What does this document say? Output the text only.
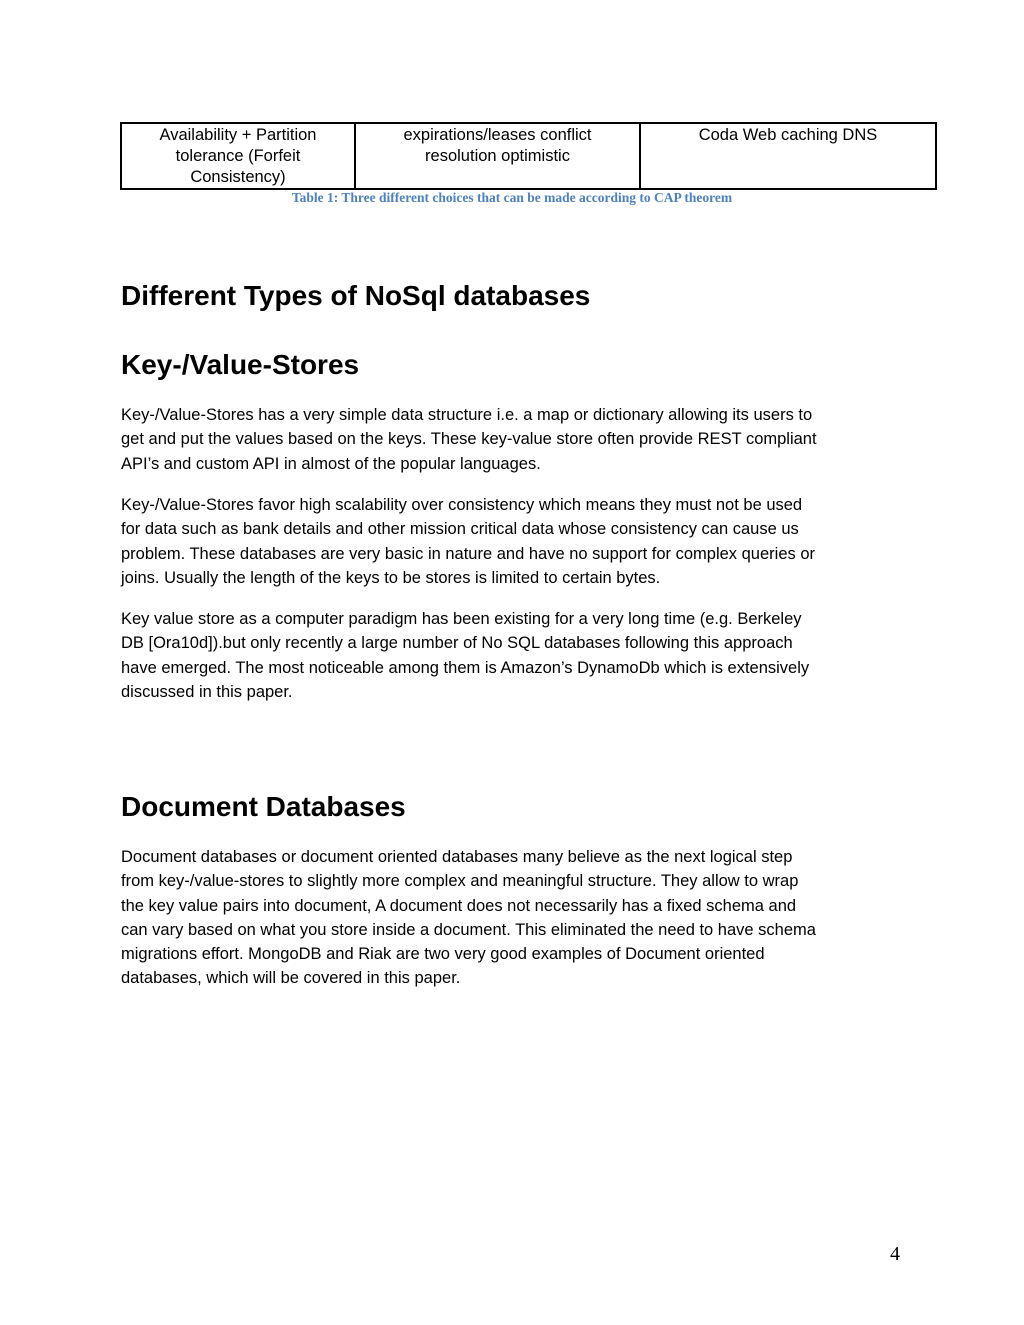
Availability + Partition
tolerance (Forfeit
Consistency)

expirations/leases conflict
resolution optimistic

Coda Web caching DNS
Table 1: Three different choices that can be made according to CAP theorem
Different Types of NoSql databases
Key-/Value-Stores

Key-/Value-Stores has a very simple data structure i.e. a map or dictionary allowing its users to
get and put the values based on the keys. These key-value store often provide REST compliant
API’s and custom API in almost of the popular languages.

Key-/Value-Stores favor high scalability over consistency which means they must not be used
for data such as bank details and other mission critical data whose consistency can cause us
problem. These databases are very basic in nature and have no support for complex queries or
joins. Usually the length of the keys to be stores is limited to certain bytes.

Key value store as a computer paradigm has been existing for a very long time (e.g. Berkeley
DB [Ora10d]).but only recently a large number of No SQL databases following this approach
have emerged. The most noticeable among them is Amazon’s DynamoDb which is extensively
discussed in this paper.

Document Databases

Document databases or document oriented databases many believe as the next logical step
from key-/value-stores to slightly more complex and meaningful structure. They allow to wrap
the key value pairs into document, A document does not necessarily has a fixed schema and
can vary based on what you store inside a document. This eliminated the need to have schema
migrations effort. MongoDB and Riak are two very good examples of Document oriented
databases, which will be covered in this paper.

4
